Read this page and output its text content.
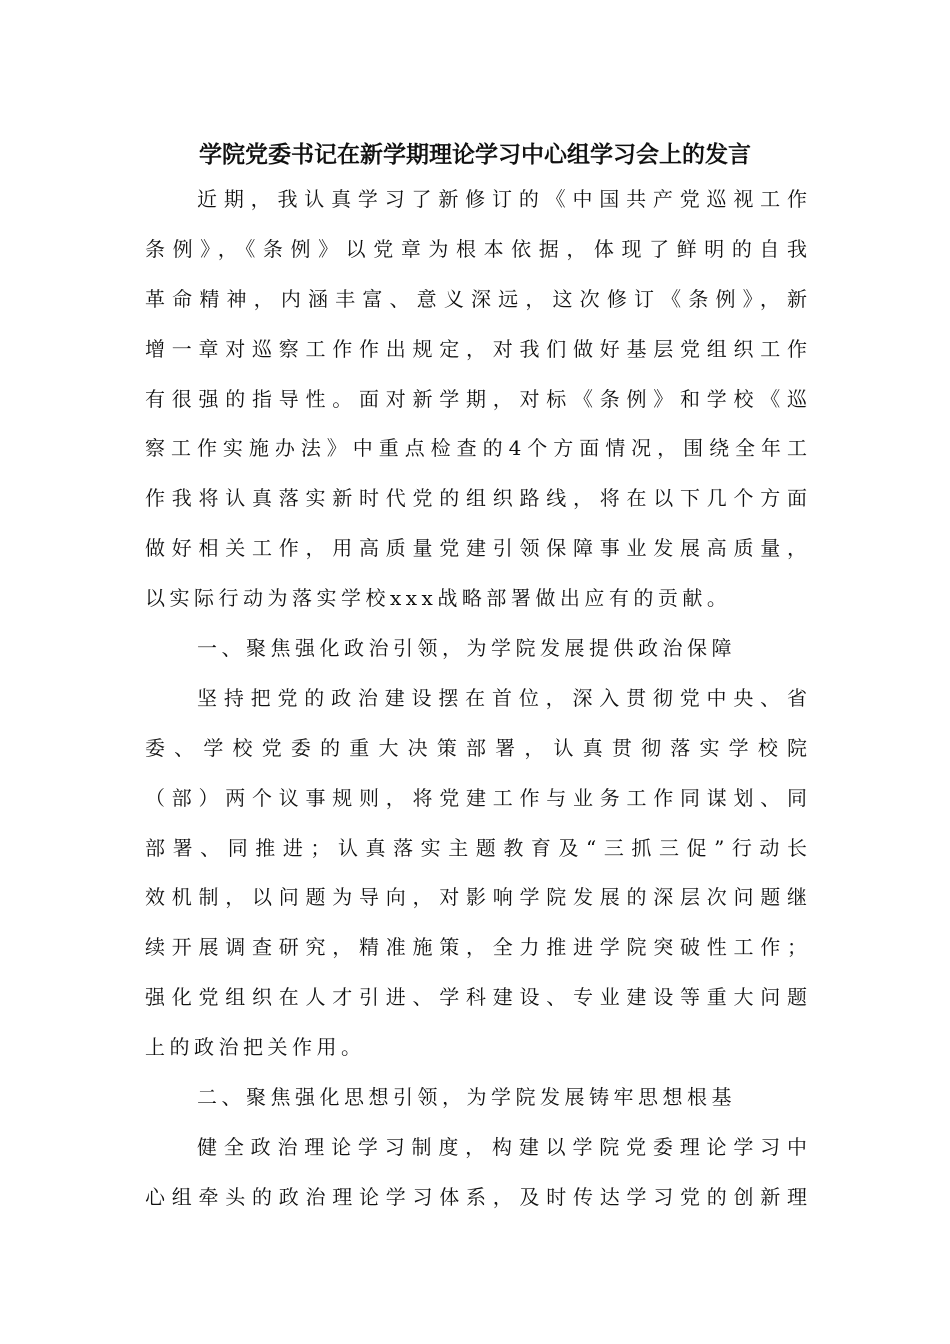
学院党委书记在新学期理论学习中心组学习会上的发言
近期，我认真学习了新修订的《中国共产党巡视工作
条例》，《条例》以党章为根本依据，体现了鲜明的自我
革命精神，内涵丰富、意义深远，这次修订《条例》，新
增一章对巡察工作作出规定，对我们做好基层党组织工作
有很强的指导性。面对新学期，对标《条例》和学校《巡
察工作实施办法》中重点检查的4个方面情况，围绕全年工
作我将认真落实新时代党的组织路线，将在以下几个方面
做好相关工作，用高质量党建引领保障事业发展高质量，
以实际行动为落实学校xxx战略部署做出应有的贡献。
一、聚焦强化政治引领，为学院发展提供政治保障
坚持把党的政治建设摆在首位，深入贯彻党中央、省
委、学校党委的重大决策部署，认真贯彻落实学校院
（部）两个议事规则，将党建工作与业务工作同谋划、同
部署、同推进；认真落实主题教育及“三抓三促”行动长
效机制，以问题为导向，对影响学院发展的深层次问题继
续开展调查研究，精准施策，全力推进学院突破性工作；
强化党组织在人才引进、学科建设、专业建设等重大问题
上的政治把关作用。
二、聚焦强化思想引领，为学院发展铸牢思想根基
健全政治理论学习制度，构建以学院党委理论学习中
心组牵头的政治理论学习体系，及时传达学习党的创新理
